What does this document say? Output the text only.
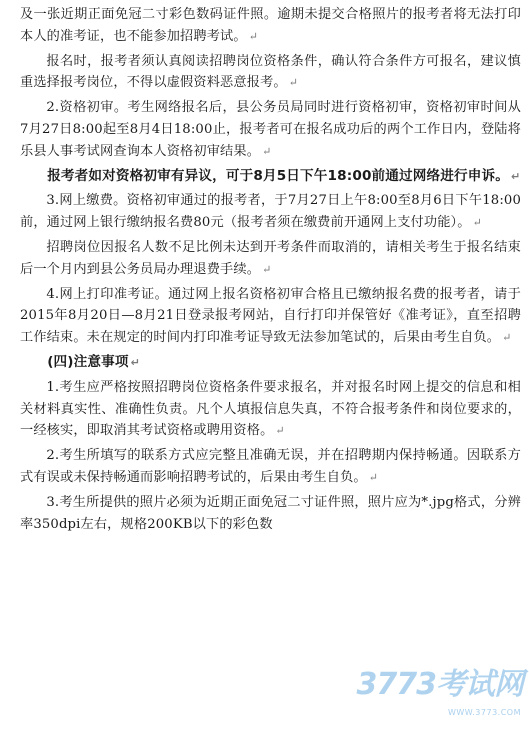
及一张近期正面免冠二寸彩色数码证件照。逾期未提交合格照片的报考者将无法打印本人的准考证，也不能参加招聘考试。 ↵

报名时，报考者须认真阅读招聘岗位资格条件，确认符合条件方可报名，建议慎重选择报考岗位，不得以虚假资料恶意报考。 ↵

2.资格初审。考生网络报名后，县公务员局同时进行资格初审，资格初审时间从7月27日8:00起至8月4日18:00止，报考者可在报名成功后的两个工作日内，登陆将乐县人事考试网查询本人资格初审结果。 ↵

报考者如对资格初审有异议，可于8月5日下午18:00前通过网络进行申诉。 ↵

3.网上缴费。资格初审通过的报考者，于7月27日上午8:00至8月6日下午18:00前，通过网上银行缴纳报名费80元（报考者须在缴费前开通网上支付功能）。 ↵

招聘岗位因报名人数不足比例未达到开考条件而取消的，请相关考生于报名结束后一个月内到县公务员局办理退费手续。 ↵

4.网上打印准考证。通过网上报名资格初审合格且已缴纳报名费的报考者，请于2015年8月20日—8月21日登录报考网站，自行打印并保管好《准考证》，直至招聘工作结束。未在规定的时间内打印准考证导致无法参加笔试的，后果由考生自负。 ↵

(四)注意事项 ↵

1.考生应严格按照招聘岗位资格条件要求报名，并对报名时网上提交的信息和相关材料真实性、准确性负责。凡个人填报信息失真，不符合报考条件和岗位要求的，一经核实，即取消其考试资格或聘用资格。 ↵

2.考生所填写的联系方式应完整且准确无误，并在招聘期内保持畅通。因联系方式有误或未保持畅通而影响招聘考试的，后果由考生自负。 ↵

3.考生所提供的照片必须为近期正面免冠二寸证件照，照片应为*.jpg格式，分辨率350dpi左右，规格200KB以下的彩色数

3773考试网
WWW.3773.COM
